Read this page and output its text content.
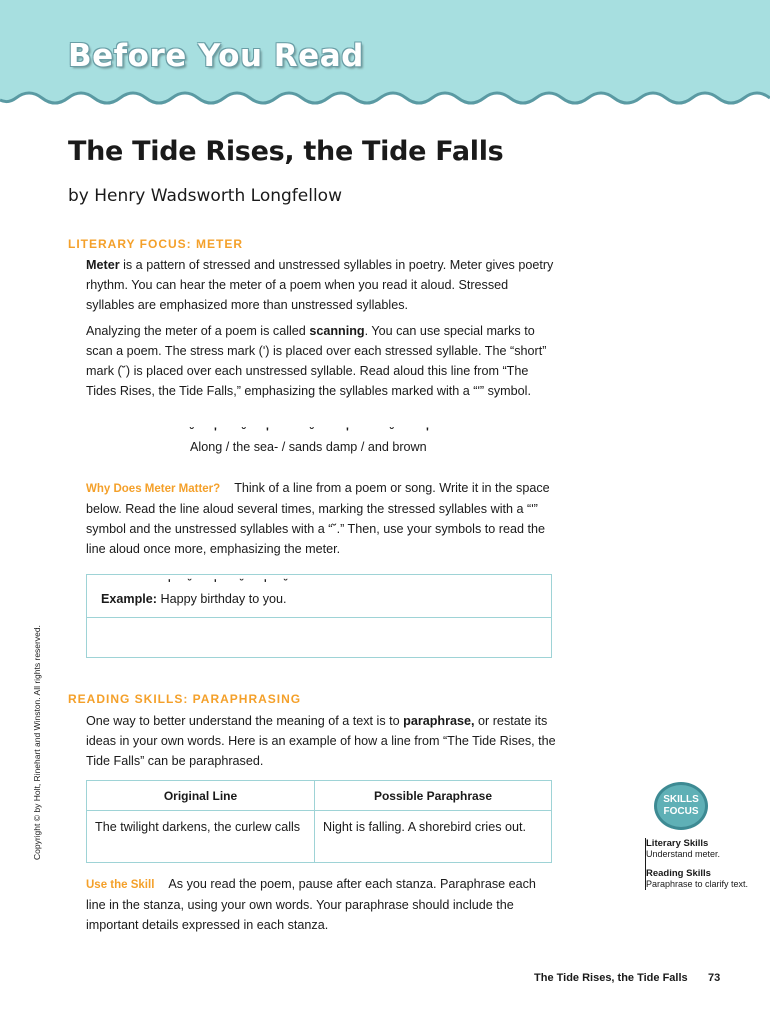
Before You Read
The Tide Rises, the Tide Falls
by Henry Wadsworth Longfellow
LITERARY FOCUS: METER

Meter is a pattern of stressed and unstressed syllables in poetry. Meter gives poetry rhythm. You can hear the meter of a poem when you read it aloud. Stressed syllables are emphasized more than unstressed syllables.

Analyzing the meter of a poem is called scanning. You can use special marks to scan a poem. The stress mark (ʹ) is placed over each stressed syllable. The “short” mark (˘) is placed over each unstressed syllable. Read aloud this line from “The Tides Rises, the Tide Falls,” emphasizing the syllables marked with a “ʹ” symbol.

˘ ʹ ˘ ʹ	˘	ʹ	˘	ʹ
Along / the sea- / sands damp / and brown

Why Does Meter Matter? Think of a line from a poem or song. Write it in the space below. Read the line aloud several times, marking the stressed syllables with a “ʹ” symbol and the unstressed syllables with a “˘.” Then, use your symbols to read the line aloud once more, emphasizing the meter.

ʹ ˘ ʹ ˘ ʹ ˘
Example: Happy birthday to you.
READING SKILLS: PARAPHRASING

One way to better understand the meaning of a text is to paraphrase, or restate its ideas in your own words. Here is an example of how a line from “The Tide Rises, the Tide Falls” can be paraphrased.

Original Line	Possible Paraphrase
The twilight darkens, the curlew calls	Night is falling. A shorebird cries out.

Use the Skill As you read the poem, pause after each stanza. Paraphrase each line in the stanza, using your own words. Your paraphrase should include the important details expressed in each stanza.

Copyright © by Holt, Rinehart and Winston. All rights reserved.	SKILLS
FOCUS
Literary Skills
Understand meter.
Reading Skills
Paraphrase to clarify text.
The Tide Rises, the Tide Falls 73
